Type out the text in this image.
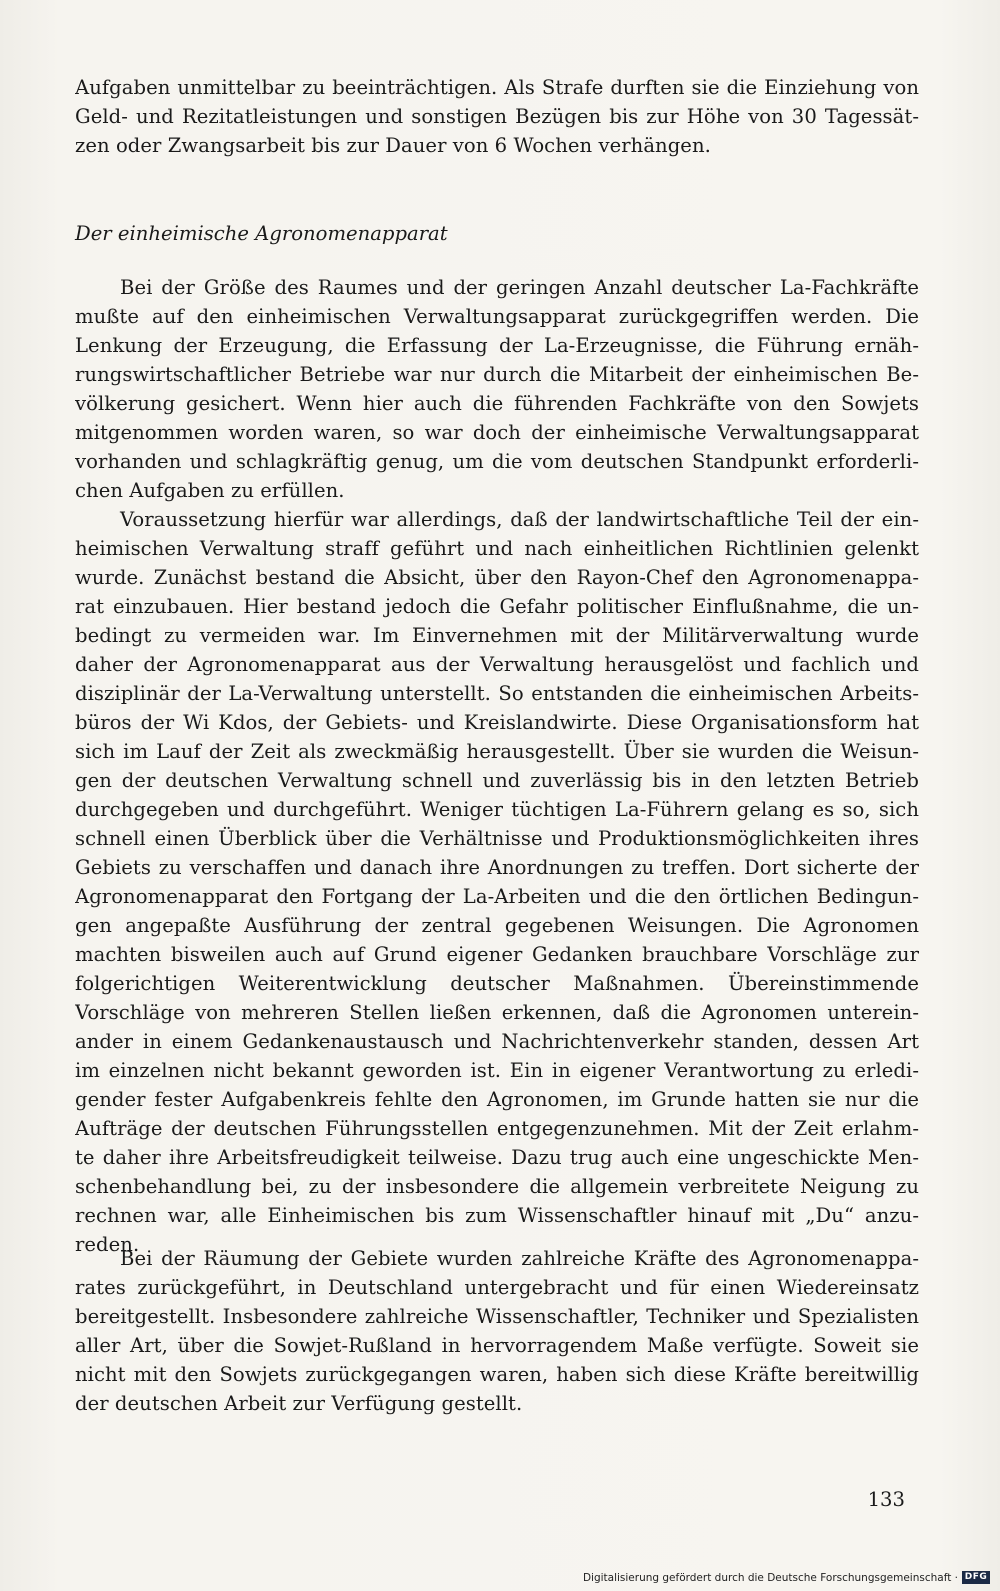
Aufgaben unmittelbar zu beeinträchtigen. Als Strafe durften sie die Einziehung von
Geld- und Rezitatleistungen und sonstigen Bezügen bis zur Höhe von 30 Tagessät-
zen oder Zwangsarbeit bis zur Dauer von 6 Wochen verhängen.
Der einheimische Agronomenapparat
Bei der Größe des Raumes und der geringen Anzahl deutscher La-Fachkräfte
mußte auf den einheimischen Verwaltungsapparat zurückgegriffen werden. Die
Lenkung der Erzeugung, die Erfassung der La-Erzeugnisse, die Führung ernäh-
rungswirtschaftlicher Betriebe war nur durch die Mitarbeit der einheimischen Be-
völkerung gesichert. Wenn hier auch die führenden Fachkräfte von den Sowjets
mitgenommen worden waren, so war doch der einheimische Verwaltungsapparat
vorhanden und schlagkräftig genug, um die vom deutschen Standpunkt erforderli-
chen Aufgaben zu erfüllen.
Voraussetzung hierfür war allerdings, daß der landwirtschaftliche Teil der ein-
heimischen Verwaltung straff geführt und nach einheitlichen Richtlinien gelenkt
wurde. Zunächst bestand die Absicht, über den Rayon-Chef den Agronomenappa-
rat einzubauen. Hier bestand jedoch die Gefahr politischer Einflußnahme, die un-
bedingt zu vermeiden war. Im Einvernehmen mit der Militärverwaltung wurde
daher der Agronomenapparat aus der Verwaltung herausgelöst und fachlich und
disziplinär der La-Verwaltung unterstellt. So entstanden die einheimischen Arbeits-
büros der Wi Kdos, der Gebiets- und Kreislandwirte. Diese Organisationsform hat
sich im Lauf der Zeit als zweckmäßig herausgestellt. Über sie wurden die Weisun-
gen der deutschen Verwaltung schnell und zuverlässig bis in den letzten Betrieb
durchgegeben und durchgeführt. Weniger tüchtigen La-Führern gelang es so, sich
schnell einen Überblick über die Verhältnisse und Produktionsmöglichkeiten ihres
Gebiets zu verschaffen und danach ihre Anordnungen zu treffen. Dort sicherte der
Agronomenapparat den Fortgang der La-Arbeiten und die den örtlichen Bedingun-
gen angepaßte Ausführung der zentral gegebenen Weisungen. Die Agronomen
machten bisweilen auch auf Grund eigener Gedanken brauchbare Vorschläge zur
folgerichtigen Weiterentwicklung deutscher Maßnahmen. Übereinstimmende
Vorschläge von mehreren Stellen ließen erkennen, daß die Agronomen unterein-
ander in einem Gedankenaustausch und Nachrichtenverkehr standen, dessen Art
im einzelnen nicht bekannt geworden ist. Ein in eigener Verantwortung zu erledi-
gender fester Aufgabenkreis fehlte den Agronomen, im Grunde hatten sie nur die
Aufträge der deutschen Führungsstellen entgegenzunehmen. Mit der Zeit erlahm-
te daher ihre Arbeitsfreudigkeit teilweise. Dazu trug auch eine ungeschickte Men-
schenbehandlung bei, zu der insbesondere die allgemein verbreitete Neigung zu
rechnen war, alle Einheimischen bis zum Wissenschaftler hinauf mit „Du“ anzu-
reden.
Bei der Räumung der Gebiete wurden zahlreiche Kräfte des Agronomenappa-
rates zurückgeführt, in Deutschland untergebracht und für einen Wiedereinsatz
bereitgestellt. Insbesondere zahlreiche Wissenschaftler, Techniker und Spezialisten
aller Art, über die Sowjet-Rußland in hervorragendem Maße verfügte. Soweit sie
nicht mit den Sowjets zurückgegangen waren, haben sich diese Kräfte bereitwillig
der deutschen Arbeit zur Verfügung gestellt.
133
Digitalisierung gefördert durch die Deutsche Forschungsgemeinschaft · DFG
